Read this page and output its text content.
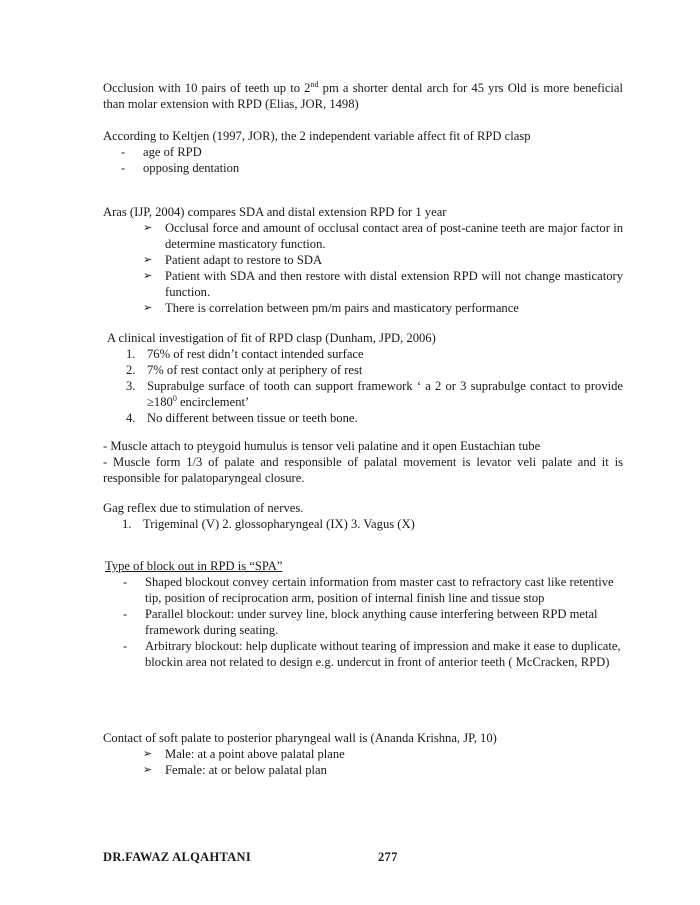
Occlusion with 10 pairs of teeth up to 2nd pm a shorter dental arch for 45 yrs Old is more beneficial than molar extension with RPD (Elias, JOR, 1498)

According to Keltjen (1997, JOR), the 2 independent variable affect fit of RPD clasp

- age of RPD
- opposing dentation

Aras (IJP, 2004) compares SDA and distal extension RPD for 1 year

➢ Occlusal force and amount of occlusal contact area of post-canine teeth are major factor in determine masticatory function.
➢ Patient adapt to restore to SDA
➢ Patient with SDA and then restore with distal extension RPD will not change masticatory function.
➢ There is correlation between pm/m pairs and masticatory performance

A clinical investigation of fit of RPD clasp (Dunham, JPD, 2006)

1. 76% of rest didn’t contact intended surface
2. 7% of rest contact only at periphery of rest
3. Suprabulge surface of tooth can support framework ‘ a 2 or 3 suprabulge contact to provide $\ge 180^0$ encirclement’
4. No different between tissue or teeth bone.

- Muscle attach to pteygoid humulus is tensor veli palatine and it open Eustachian tube

- Muscle form 1/3 of palate and responsible of palatal movement is levator veli palate and it is responsible for palatoparyngeal closure.

Gag reflex due to stimulation of nerves.

1. Trigeminal (V) 2. glossopharyngeal (IX) 3. Vagus (X)

Type of block out in RPD is “SPA”

- Shaped blockout convey certain information from master cast to refractory cast like retentive tip, position of reciprocation arm, position of internal finish line and tissue stop
- Parallel blockout: under survey line, block anything cause interfering between RPD metal framework during seating.
- Arbitrary blockout: help duplicate without tearing of impression and make it ease to duplicate, blockin area not related to design e.g. undercut in front of anterior teeth ( McCracken, RPD)

Contact of soft palate to posterior pharyngeal wall is (Ananda Krishna, JP, 10)

➢ Male: at a point above palatal plane
➢ Female: at or below palatal plan
DR.FAWAZ ALQAHTANI	277
